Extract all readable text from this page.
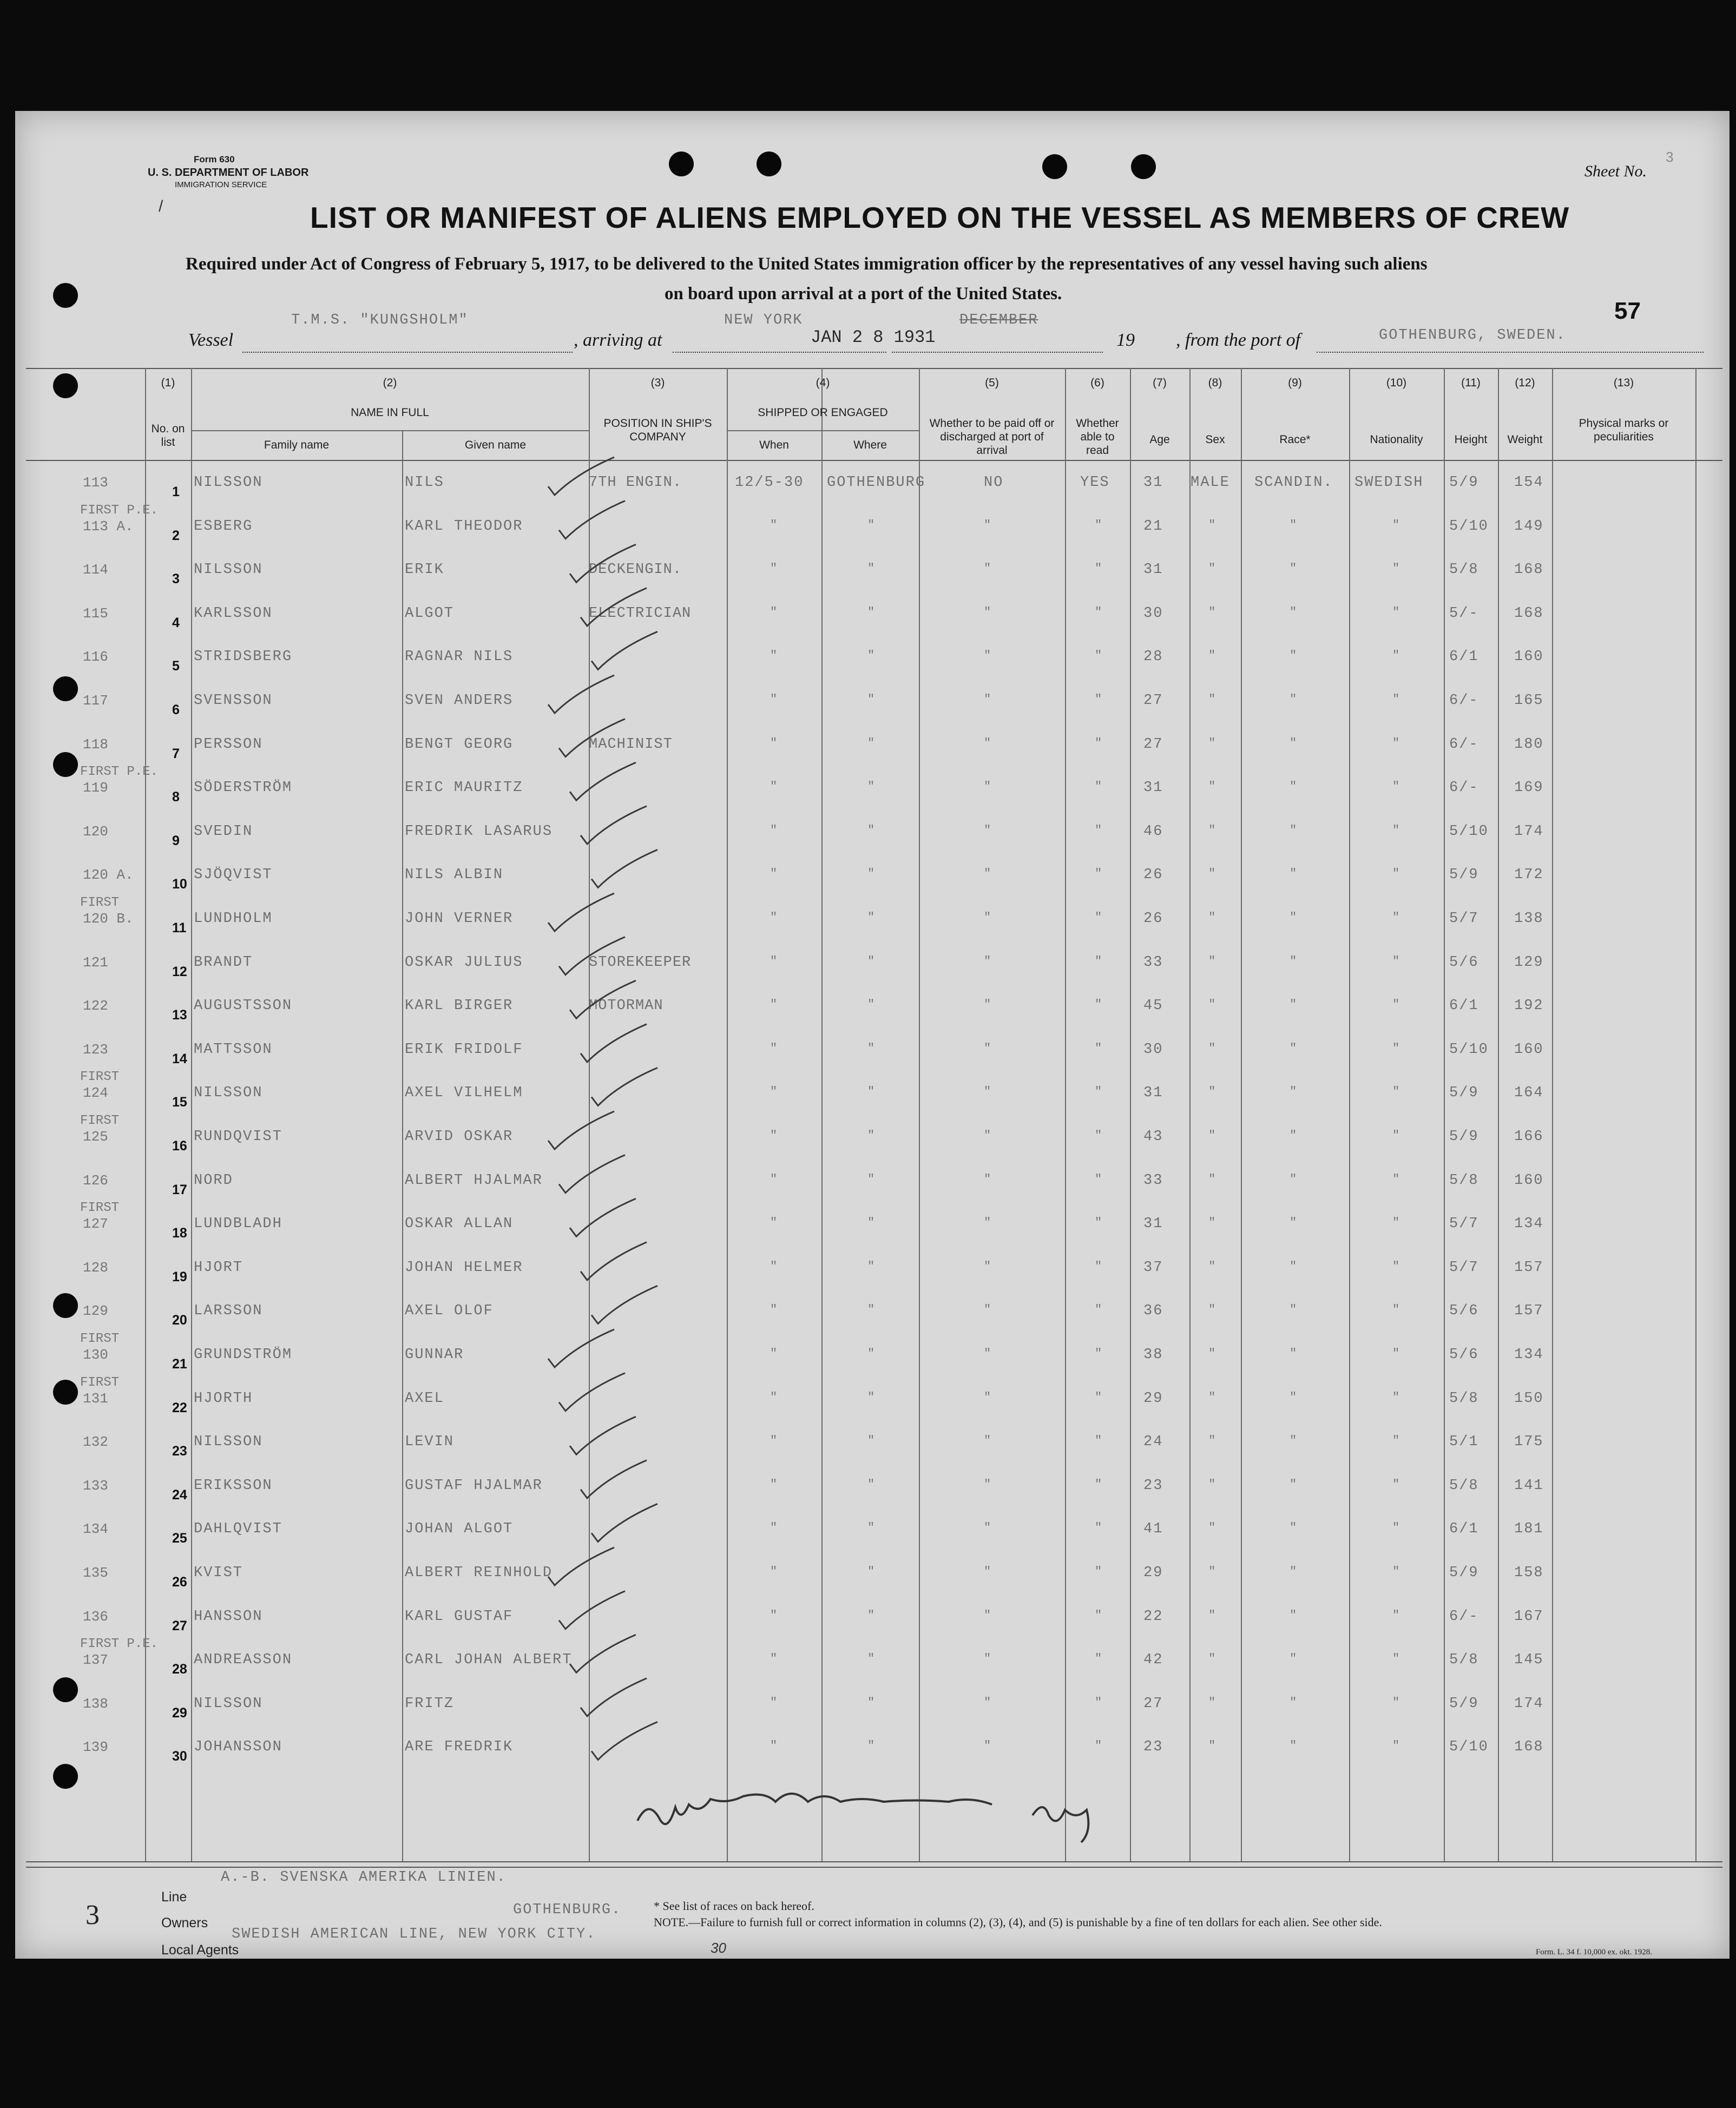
Form 630
U. S. DEPARTMENT OF LABOR
IMMIGRATION SERVICE
/
Sheet No.
3
LIST OR MANIFEST OF ALIENS EMPLOYED ON THE VESSEL AS MEMBERS OF CREW
Required under Act of Congress of February 5, 1917, to be delivered to the United States immigration officer by the representatives of any vessel having such aliens
on board upon arrival at a port of the United States.
57
Vessel
T.M.S. "KUNGSHOLM"
, arriving at
NEW YORK
JAN 2 8 1931
DECEMBER
19 , from the port of	GOTHENBURG, SWEDEN.
(1)
No. on list
(2)
NAME IN FULL
(3)
POSITION IN SHIP'S COMPANY
(4)
SHIPPED OR ENGAGED
(5)
Whether to be paid off or discharged at port of arrival
(6)
Whether able to read
(7)
Age
(8)
Sex
(9)
Race*
(10)
Nationality
(11)
Height
(12)
Weight
(13)
Physical marks or peculiarities
Family name	Given name	When	Where
113
1
NILSSON	NILS	7TH ENGIN.	12/5-30 GOTHENBURG	NO	YES 31 MALE SCANDIN. SWEDISH 5/9 154
113 A.
FIRST P.E.
2
ESBERG	KARL THEODOR	"	"	"	"	21	"	"	"	5/10 149
114
3
NILSSON	ERIK	DECKENGIN.	"	"	"	"	31	"	"	"	5/8 168
115
4
KARLSSON	ALGOT	ELECTRICIAN	"	"	"	"	30	"	"	"	5/- 168
116
5
STRIDSBERG	RAGNAR NILS	"	"	"	"	28	"	"	"	6/1 160
117
6
SVENSSON	SVEN ANDERS	"	"	"	"	27	"	"	"	6/- 165
118
7
PERSSON	BENGT GEORG	MACHINIST	"	"	"	"	27	"	"	"	6/- 180
119
FIRST P.E.
8
SÖDERSTRÖM	ERIC MAURITZ	"	"	"	"	31	"	"	"	6/- 169
120
9
SVEDIN	FREDRIK LASARUS	"	"	"	"	46	"	"	"	5/10 174
120 A.
10
SJÖQVIST	NILS ALBIN	"	"	"	"	26	"	"	"	5/9 172
120 B.
FIRST
11
LUNDHOLM	JOHN VERNER	"	"	"	"	26	"	"	"	5/7 138
121
12
BRANDT	OSKAR JULIUS	STOREKEEPER	"	"	"	"	33	"	"	"	5/6 129
122
13
AUGUSTSSON	KARL BIRGER	MOTORMAN	"	"	"	"	45	"	"	"	6/1 192
123
14
MATTSSON	ERIK FRIDOLF	"	"	"	"	30	"	"	"	5/10 160
124
FIRST
15
NILSSON	AXEL VILHELM	"	"	"	"	31	"	"	"	5/9 164
125
FIRST
16
RUNDQVIST	ARVID OSKAR	"	"	"	"	43	"	"	"	5/9 166
126
17
NORD	ALBERT HJALMAR	"	"	"	"	33	"	"	"	5/8 160
127
FIRST
18
LUNDBLADH	OSKAR ALLAN	"	"	"	"	31	"	"	"	5/7 134
128
19
HJORT	JOHAN HELMER	"	"	"	"	37	"	"	"	5/7 157
129
20
LARSSON	AXEL OLOF	"	"	"	"	36	"	"	"	5/6 157
130
FIRST
21
GRUNDSTRÖM	GUNNAR	"	"	"	"	38	"	"	"	5/6 134
131
FIRST
22
HJORTH	AXEL	"	"	"	"	29	"	"	"	5/8 150
132
23
NILSSON	LEVIN	"	"	"	"	24	"	"	"	5/1 175
133
24
ERIKSSON	GUSTAF HJALMAR	"	"	"	"	23	"	"	"	5/8 141
134
25
DAHLQVIST	JOHAN ALGOT	"	"	"	"	41	"	"	"	6/1 181
135
26
KVIST	ALBERT REINHOLD	"	"	"	"	29	"	"	"	5/9 158
136
27
HANSSON	KARL GUSTAF	"	"	"	"	22	"	"	"	6/- 167
137
FIRST P.E.
28
ANDREASSON	CARL JOHAN ALBERT	"	"	"	"	42	"	"	"	5/8 145
138
29
NILSSON	FRITZ	"	"	"	"	27	"	"	"	5/9 174
139
30
JOHANSSON	ARE FREDRIK	"	"	"	"	23	"	"	"	5/10 168
Line
A.-B. SVENSKA AMERIKA LINIEN.
Owners
GOTHENBURG.
Local Agents
SWEDISH AMERICAN LINE, NEW YORK CITY.
* See list of races on back hereof.
NOTE.—Failure to furnish full or correct information in columns (2), (3), (4), and (5) is punishable by a fine of ten dollars for each alien. See other side.
Form. L. 34 f. 10,000 ex. okt. 1928.
3
30
